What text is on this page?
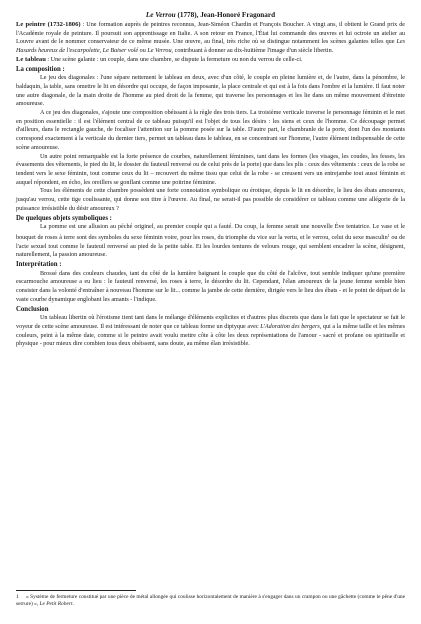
Le Verrou (1778), Jean-Honoré Fragonard

Le peintre (1732-1806) : Une formation auprès de peintres reconnus, Jean-Siméon Chardin et François Boucher. A vingt ans, il obtient le Grand prix de l'Académie royale de peinture. Il poursuit son apprentissage en Italie. A son retour en France, l'État lui commande des œuvres et lui octroie un atelier au Louvre avant de le nommer conservateur de ce même musée. Une œuvre, au final, très riche où se distingue notamment les scènes galantes telles que Les Hasards heureux de l'escarpolette, Le Baiser volé ou Le Verrou, contribuant à donner au dix-huitième l'image d'un siècle libertin.

Le tableau : Une scène galante : un couple, dans une chambre, se dispute la fermeture ou non du verrou de celle-ci.

La composition :

Le jeu des diagonales : l'une sépare nettement le tableau en deux, avec d'un côté, le couple en pleine lumière et, de l'autre, dans la pénombre, le baldaquin, la table, sans omettre le lit en désordre qui occupe, de façon imposante, la place centrale et qui est à la fois dans l'ombre et la lumière. Il faut noter une autre diagonale, de la main droite de l'homme au pied droit de la femme, qui traverse les personnages et les lie dans un même mouvement d'étreinte amoureuse.

A ce jeu des diagonales, s'ajoute une composition obéissant à la règle des trois tiers. La troisième verticale traverse le personnage féminin et le met en position essentielle : il est l'élément central de ce tableau puisqu'il est l'objet de tous les désirs : les siens et ceux de l'homme. Ce découpage permet d'ailleurs, dans le rectangle gauche, de focaliser l'attention sur la pomme posée sur la table. D'autre part, le chambranle de la porte, dont l'un des montants correspond exactement à la verticale du dernier tiers, permet un tableau dans le tableau, en se concentrant sur l'homme, l'autre élément indispensable de cette scène amoureuse.

Un autre point remarquable est la forte présence de courbes, naturellement féminines, tant dans les formes (les visages, les coudes, les fesses, les évasements des vêtements, le pied du lit, le dossier du fauteuil renversé ou de celui près de la porte) que dans les plis : ceux des vêtements : ceux de la robe se tendent vers le sexe féminin, tout comme ceux du lit – recouvert du même tissu que celui de la robe - se creusent vers un entrejambe tout aussi féminin et auquel répondent, en écho, les oreillers se gonflant comme une poitrine féminine.

Tous les éléments de cette chambre possèdent une forte connotation symbolique ou érotique, depuis le lit en désordre, le lieu des ébats amoureux, jusqu'au verrou, cette tige coulissante, qui donne son titre à l'œuvre. Au final, ne serait-il pas possible de considérer ce tableau comme une allégorie de la puissance irrésistible du désir amoureux ?

De quelques objets symboliques :

La pomme est une allusion au péché originel, au premier couple qui a fauté. Du coup, la femme serait une nouvelle Ève tentatrice. Le vase et le bouquet de roses à terre sont des symboles du sexe féminin voire, pour les roses, du triomphe du vice sur la vertu, et le verrou, celui du sexe masculin$^1$ ou de l'acte sexuel tout comme le fauteuil renversé au pied de la petite table. Et les lourdes tentures de velours rouge, qui semblent encadrer la scène, désignent, naturellement, la passion amoureuse.

Interprétation :

Brossé dans des couleurs chaudes, tant du côté de la lumière baignant le couple que du côté de l'alcôve, tout semble indiquer qu'une première escarmouche amoureuse a eu lieu : le fauteuil renversé, les roses à terre, le désordre du lit. Cependant, l'élan amoureux de la jeune femme semble bien consister dans la volonté d'entraîner à nouveau l'homme sur le lit... comme la jambe de cette dernière, dirigée vers le lieu des ébats - et le point de départ de la vaste courbe dynamique englobant les amants - l'indique.

Conclusion

Un tableau libertin où l'érotisme tient tant dans le mélange d'éléments explicites et d'autres plus discrets que dans le fait que le spectateur se fait le voyeur de cette scène amoureuse. Il est intéressant de noter que ce tableau forme un diptyque avec L'Adoration des bergers, qui a la même taille et les mêmes couleurs, peint à la même date, comme si le peintre avait voulu mettre côte à côte les deux représentations de l'amour - sacré et profane ou spirituelle et physique - pour mieux dire combien tous deux obéissent, sans doute, au même élan irrésistible.

1 « Système de fermeture constitué par une pièce de métal allongée qui coulisse horizontalement de manière à s'engager dans un crampon ou une gâchette (comme le pêne d'une serrure) », Le Petit Robert.
